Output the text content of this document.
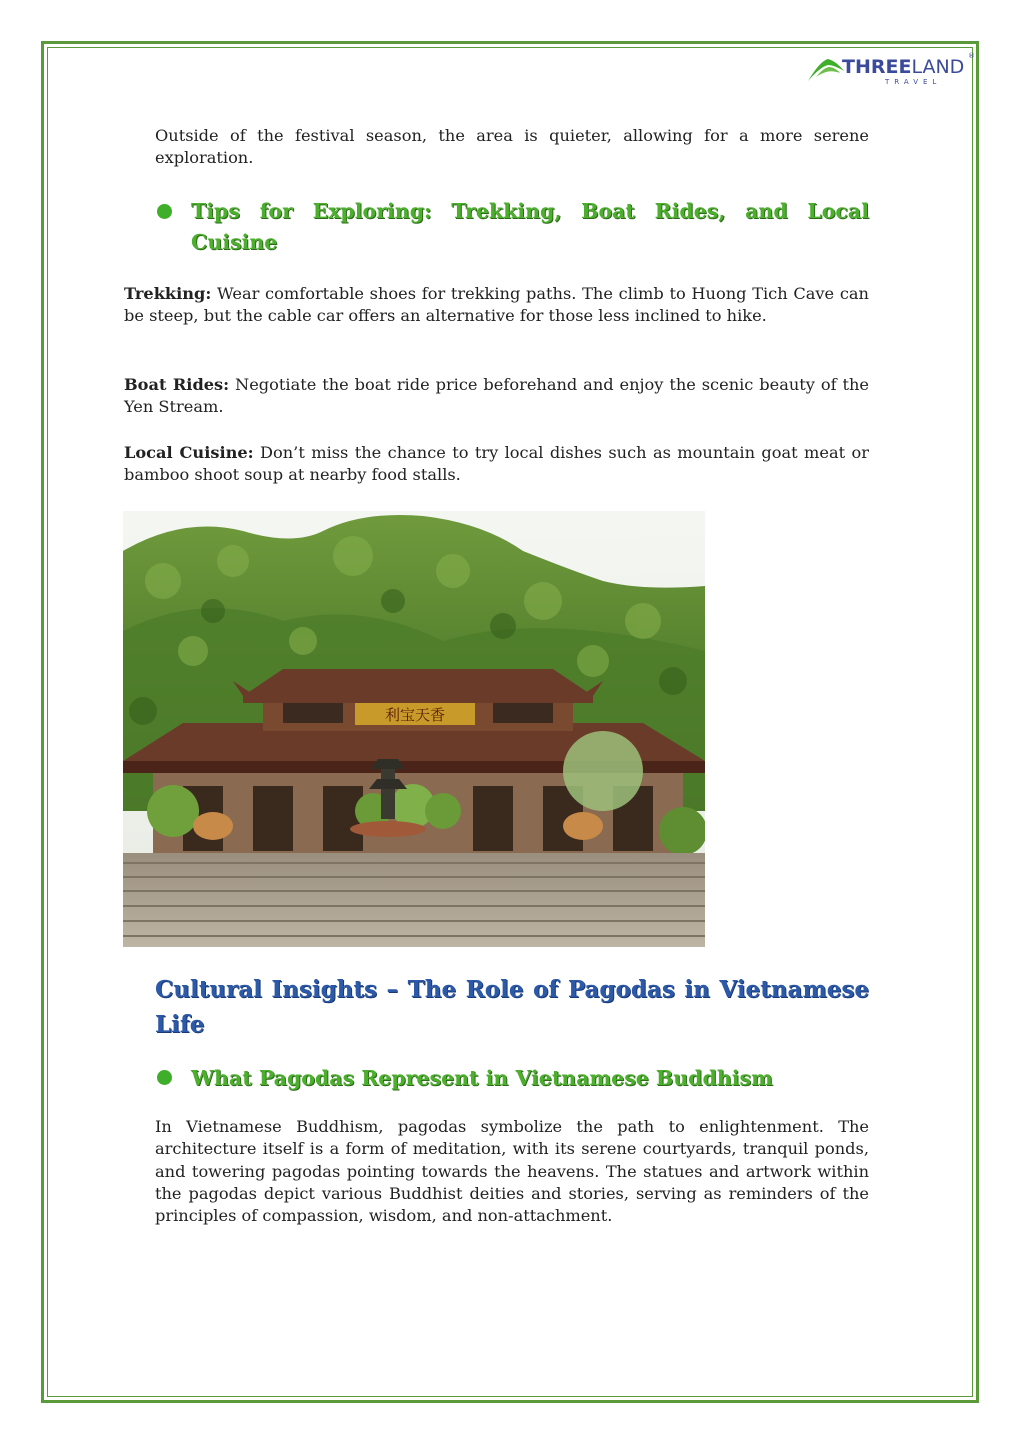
THREELAND ®
TRAVEL

Outside of the festival season, the area is quieter, allowing for a more serene exploration.

Tips for Exploring: Trekking, Boat Rides, and Local Cuisine

Trekking: Wear comfortable shoes for trekking paths. The climb to Huong Tich Cave can be steep, but the cable car offers an alternative for those less inclined to hike.

Boat Rides: Negotiate the boat ride price beforehand and enjoy the scenic beauty of the Yen Stream.

Local Cuisine: Don’t miss the chance to try local dishes such as mountain goat meat or bamboo shoot soup at nearby food stalls.

利宝天香

Cultural Insights – The Role of Pagodas in Vietnamese Life

What Pagodas Represent in Vietnamese Buddhism

In Vietnamese Buddhism, pagodas symbolize the path to enlightenment. The architecture itself is a form of meditation, with its serene courtyards, tranquil ponds, and towering pagodas pointing towards the heavens. The statues and artwork within the pagodas depict various Buddhist deities and stories, serving as reminders of the principles of compassion, wisdom, and non-attachment.
